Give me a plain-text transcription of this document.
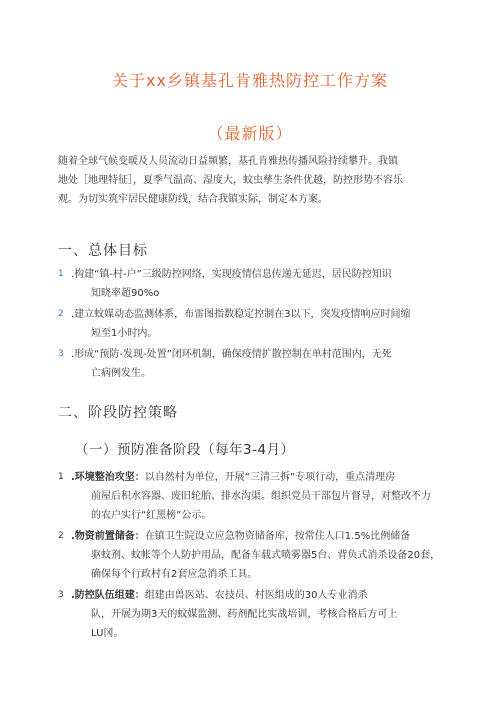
关于xx乡镇基孔肯雅热防控工作方案
（最新版）
随着全球气候变暖及人员流动日益频繁，基孔肯雅热传播风险持续攀升。我镇
地处［地理特征］，夏季气温高、湿度大，蚊虫孳生条件优越，防控形势不容乐
观。为切实筑牢居民健康防线，结合我镇实际，制定本方案。
一、总体目标
1 .构建“镇-村-户”三级防控网络，实现疫情信息传递无延迟，居民防控知识
知晓率超90%o
2 .建立蚊媒动态监测体系，布雷图指数稳定控制在3以下，突发疫情响应时间缩
短至1小时内。
3 .形成“预防-发现-处置”闭环机制，确保疫情扩散控制在单村范围内，无死
亡病例发生。
二、阶段防控策略
（一）预防准备阶段（每年3-4月）
1 .环境整治攻坚：以自然村为单位，开展“三清三拆”专项行动，重点清理房
前屋后积水容器、废旧轮胎、排水沟渠。组织党员干部包片督导，对整改不力
的农户实行“红黑榜”公示。
2 .物资前置储备：在镇卫生院设立应急物资储备库，按常住人口1.5%比例储备
驱蚊剂、蚊帐等个人防护用品，配备车载式喷雾器5台、背负式消杀设备20套，
确保每个行政村有2套应急消杀工具。
3 .防控队伍组建：组建由兽医站、农技员、村医组成的30人专业消杀
队，开展为期3天的蚊媒监测、药剂配比实战培训，考核合格后方可上
LU冈。
